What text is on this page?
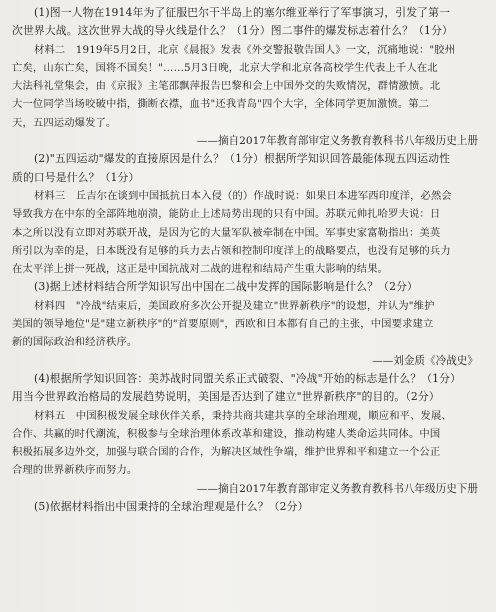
(1)图一人物在1914年为了征服巴尔干半岛上的塞尔维亚举行了军事演习，引发了第一
次世界大战。这次世界大战的导火线是什么？（1分）图二事件的爆发标志着什么？（1分）
材料二　1919年5月2日，北京《晨报》发表《外交警报敬告国人》一文，沉痛地说："胶州
亡矣，山东亡矣，国将不国矣！"……5月3日晚，北京大学和北京各高校学生代表上千人在北
大法科礼堂集会，由《京报》主笔邵飘萍报告巴黎和会上中国外交的失败情况，群情激愤。北
大一位同学当场咬破中指，撕断衣襟，血书"还我青岛"四个大字，全体同学更加激愤。第二
天，五四运动爆发了。
——摘自2017年教育部审定义务教育教科书八年级历史上册
(2)"五四运动"爆发的直接原因是什么？（1分）根据所学知识回答最能体现五四运动性
质的口号是什么？（1分）
材料三　丘吉尔在谈到中国抵抗日本入侵（的）作战时说：如果日本进军西印度洋，必然会
导致我方在中东的全部阵地崩溃，能防止上述局势出现的只有中国。苏联元帅扎哈罗夫说：日
本之所以没有立即对苏联开战，是因为它的大量军队被牵制在中国。军事史家富勒指出：美英
所引以为幸的是，日本既没有足够的兵力去占领和控制印度洋上的战略要点，也没有足够的兵力
在太平洋上拼一死战，这正是中国抗战对二战的进程和结局产生重大影响的结果。
(3)据上述材料结合所学知识写出中国在二战中发挥的国际影响是什么？（2分）
材料四　"冷战"结束后，美国政府多次公开提及建立"世界新秩序"的设想，并认为"维护
美国的领导地位"是"建立新秩序"的"首要原则"，西欧和日本都有自己的主张，中国要求建立
新的国际政治和经济秩序。
——刘金质《冷战史》
(4)根据所学知识回答：美苏战时同盟关系正式破裂、"冷战"开始的标志是什么？（1分）
用当今世界政治格局的发展趋势说明，美国是否达到了建立"世界新秩序"的目的。（2分）
材料五　中国积极发展全球伙伴关系，秉持共商共建共享的全球治理观，顺应和平、发展、
合作、共赢的时代潮流，积极参与全球治理体系改革和建设，推动构建人类命运共同体。中国
积极拓展多边外交，加强与联合国的合作，为解决区域性争端，维护世界和平和建立一个公正
合理的世界新秩序而努力。
——摘自2017年教育部审定义务教育教科书八年级历史下册
(5)依据材料指出中国秉持的全球治理观是什么？（2分）
